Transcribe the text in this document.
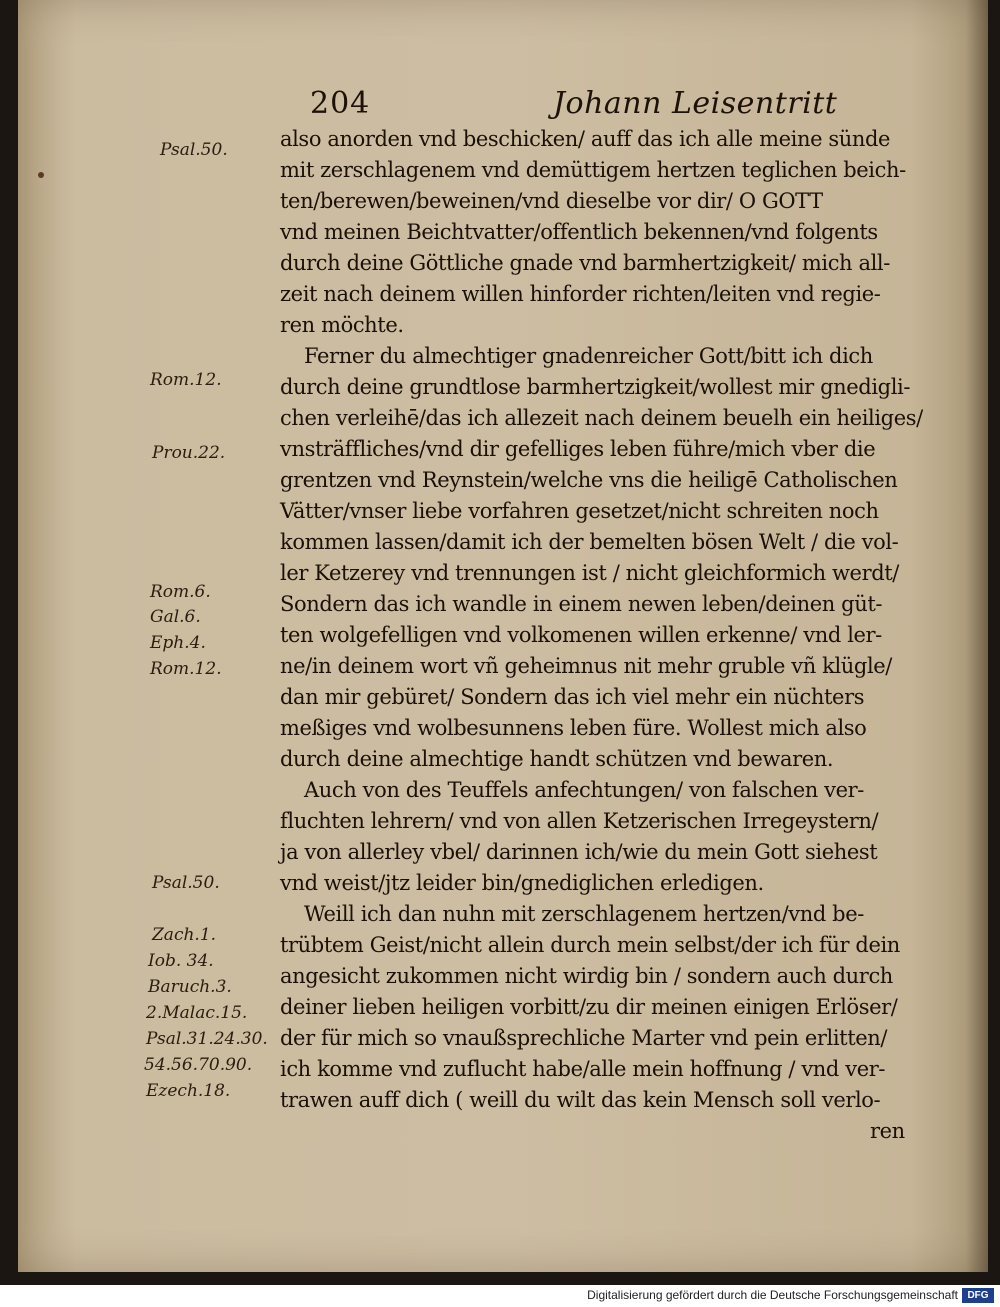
204	Johann Leisentritt
also anorden vnd beschicken/ auff das ich alle meine sünde
mit zerschlagenem vnd demüttigem hertzen teglichen beich-
ten/berewen/beweinen/vnd dieselbe vor dir/ O GOTT
vnd meinen Beichtvatter/offentlich bekennen/vnd folgents
durch deine Göttliche gnade vnd barmhertzigkeit/ mich all-
zeit nach deinem willen hinforder richten/leiten vnd regie-
ren möchte.
Ferner du almechtiger gnadenreicher Gott/bitt ich dich
durch deine grundtlose barmhertzigkeit/wollest mir gnedigli-
chen verleihē/das ich allezeit nach deinem beuelh ein heiliges/
vnsträffliches/vnd dir gefelliges leben führe/mich vber die
grentzen vnd Reynstein/welche vns die heiligē Catholischen
Vätter/vnser liebe vorfahren gesetzet/nicht schreiten noch
kommen lassen/damit ich der bemelten bösen Welt / die vol-
ler Ketzerey vnd trennungen ist / nicht gleichformich werdt/
Sondern das ich wandle in einem newen leben/deinen güt-
ten wolgefelligen vnd volkomenen willen erkenne/ vnd ler-
ne/in deinem wort vñ geheimnus nit mehr gruble vñ klügle/
dan mir gebüret/ Sondern das ich viel mehr ein nüchters
meßiges vnd wolbesunnens leben füre. Wollest mich also
durch deine almechtige handt schützen vnd bewaren.
Auch von des Teuffels anfechtungen/ von falschen ver-
fluchten lehrern/ vnd von allen Ketzerischen Irregeystern/
ja von allerley vbel/ darinnen ich/wie du mein Gott siehest
vnd weist/jtz leider bin/gnediglichen erledigen.
Weill ich dan nuhn mit zerschlagenem hertzen/vnd be-
trübtem Geist/nicht allein durch mein selbst/der ich für dein
angesicht zukommen nicht wirdig bin / sondern auch durch
deiner lieben heiligen vorbitt/zu dir meinen einigen Erlöser/
der für mich so vnaußsprechliche Marter vnd pein erlitten/
ich komme vnd zuflucht habe/alle mein hoffnung / vnd ver-
trawen auff dich ( weill du wilt das kein Mensch soll verlo-
ren
Psal.50.
Rom.12.
Prou.22.
Rom.6.
Gal.6.
Eph.4.
Rom.12.
Psal.50.
Zach.1.
Iob. 34.
Baruch.3.
2.Malac.15.
Psal.31.24.30.
54.56.70.90.
Ezech.18.
Digitalisierung gefördert durch die Deutsche Forschungsgemeinschaft DFG
